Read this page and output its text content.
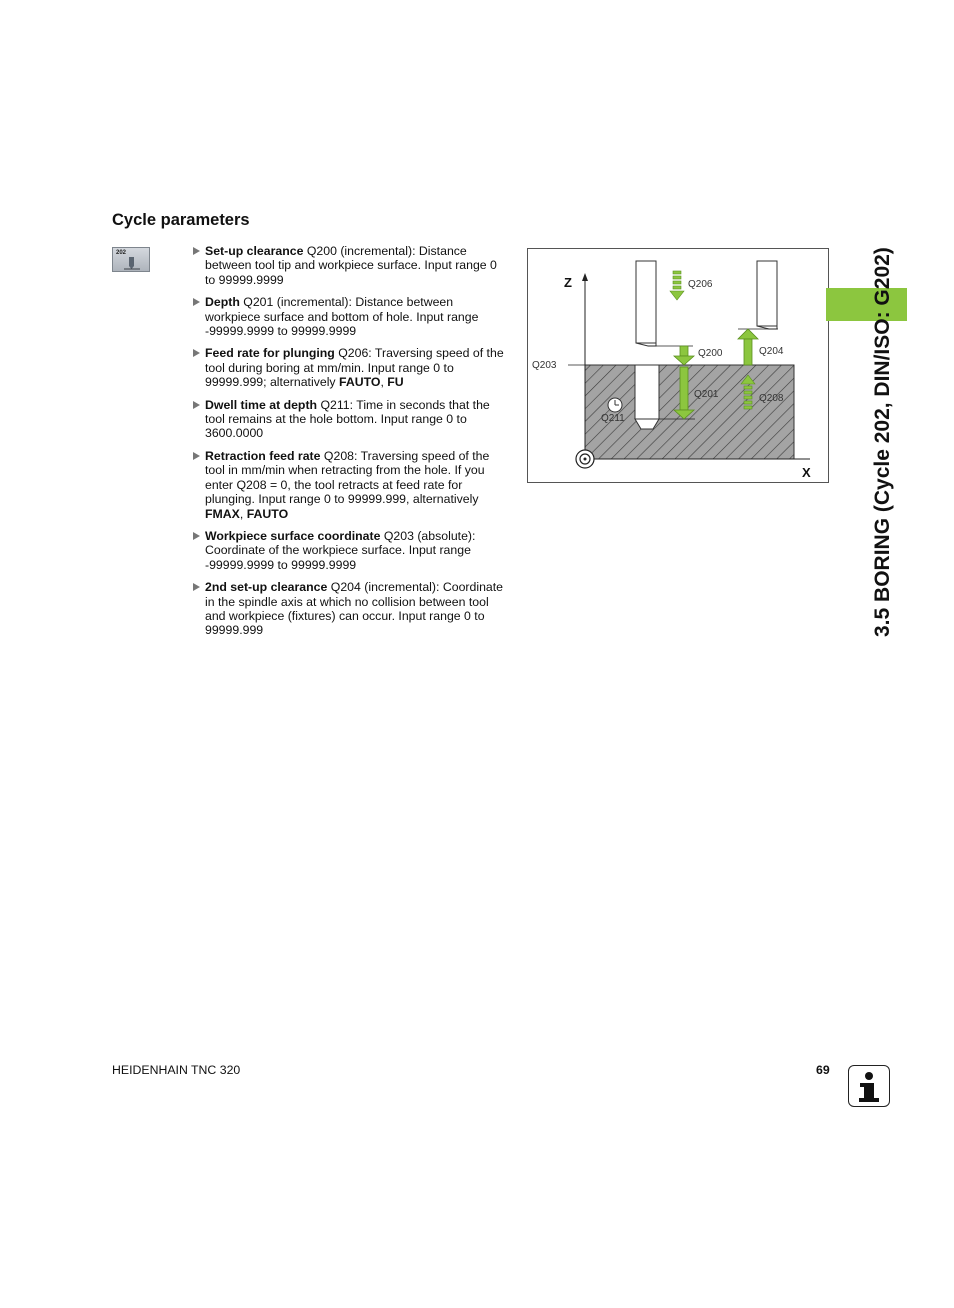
Cycle parameters
202	Set-up clearance Q200 (incremental): Distance between tool tip and workpiece surface. Input range 0 to 99999.9999
Depth Q201 (incremental): Distance between workpiece surface and bottom of hole. Input range -99999.9999 to 99999.9999
Feed rate for plunging Q206: Traversing speed of the tool during boring at mm/min. Input range 0 to 99999.999; alternatively FAUTO, FU
Dwell time at depth Q211: Time in seconds that the tool remains at the hole bottom. Input range 0 to 3600.0000
Retraction feed rate Q208: Traversing speed of the tool in mm/min when retracting from the hole. If you enter Q208 = 0, the tool retracts at feed rate for plunging. Input range 0 to 99999.999, alternatively FMAX, FAUTO
Workpiece surface coordinate Q203 (absolute): Coordinate of the workpiece surface. Input range -99999.9999 to 99999.9999
2nd set-up clearance Q204 (incremental): Coordinate in the spindle axis at which no collision between tool and workpiece (fixtures) can occur. Input range 0 to 99999.999
Z
X
Q203
Q206
Q200
Q201
Q204
Q208
Q211	3.5 BORING (Cycle 202, DIN/ISO: G202)
HEIDENHAIN TNC 320	69
